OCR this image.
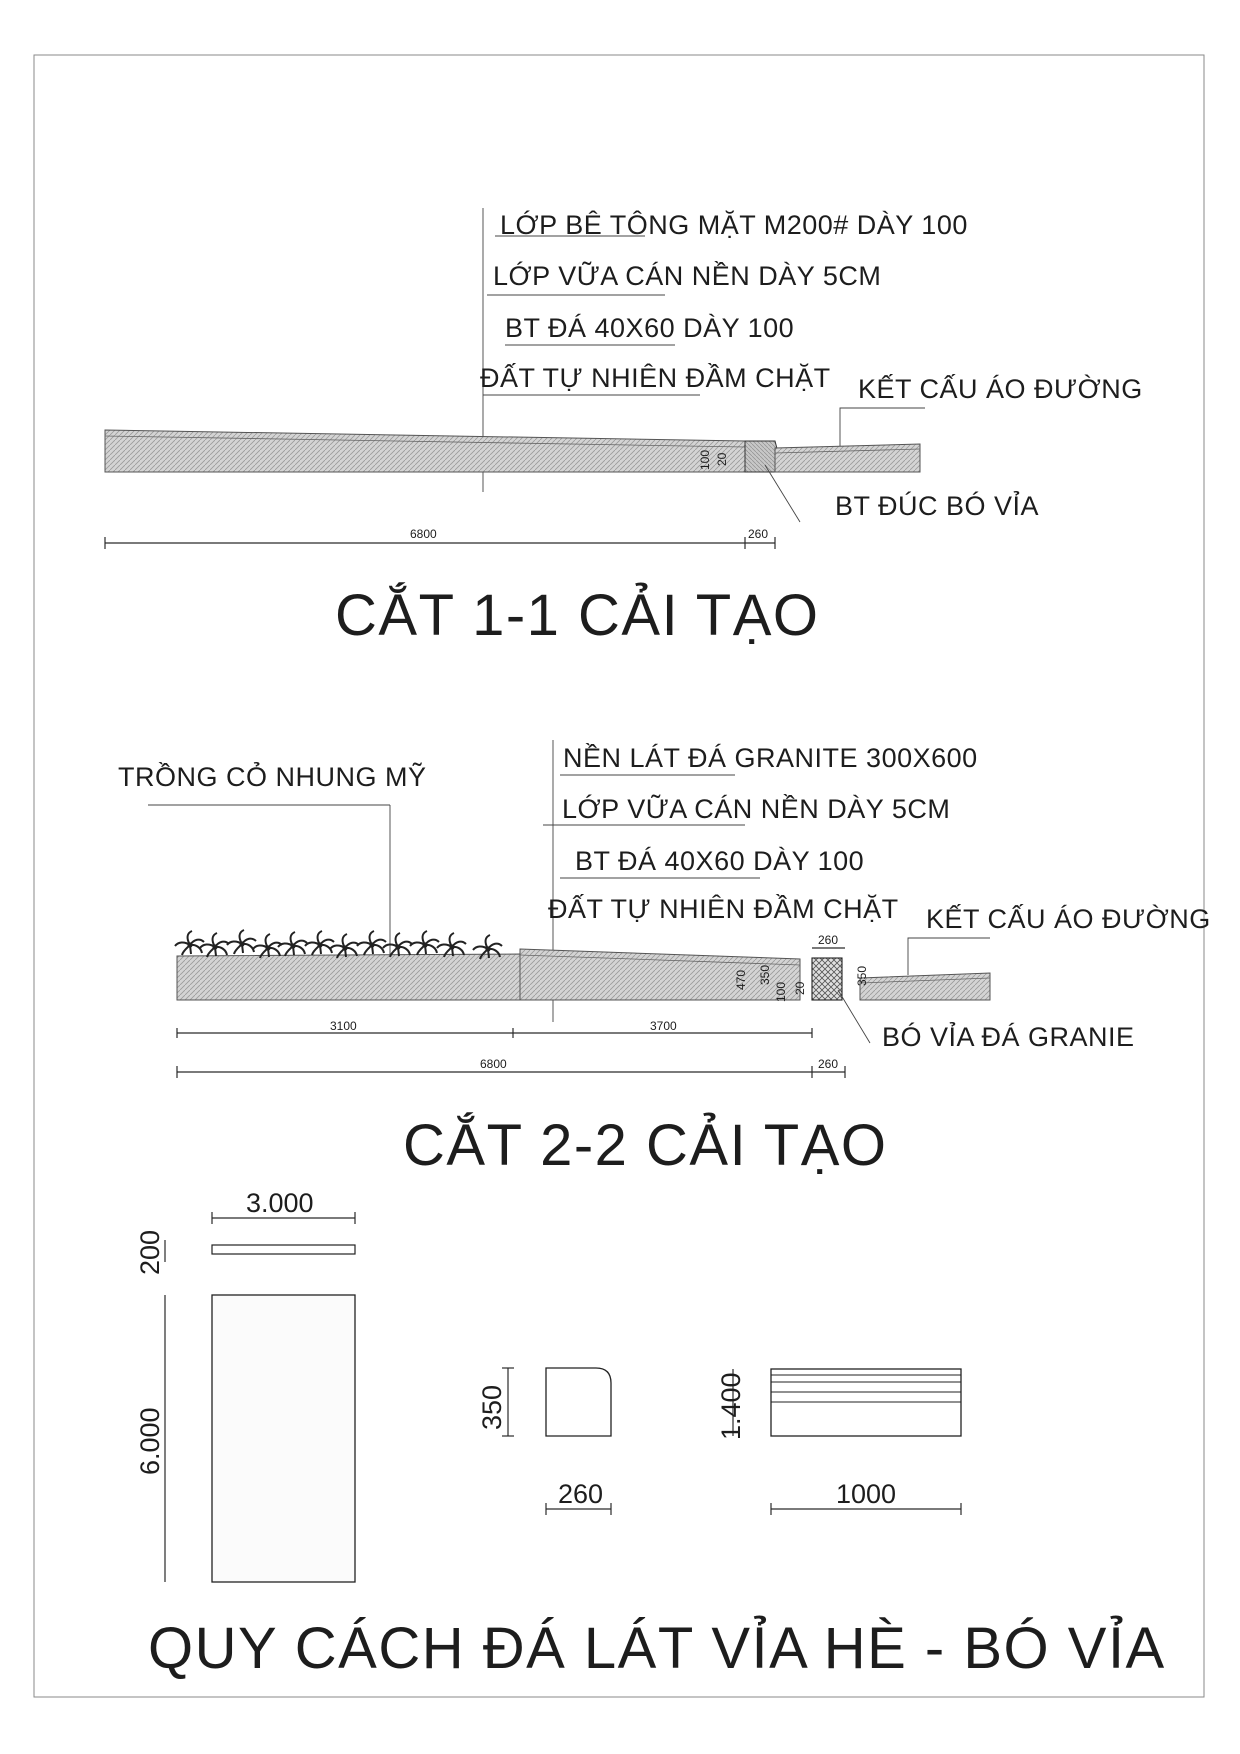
LỚP BÊ TÔNG MẶT M200# DÀY 100
LỚP VỮA CÁN NỀN DÀY 5CM
BT ĐÁ 40X60 DÀY 100
ĐẤT TỰ NHIÊN ĐẦM CHẶT KẾT CẤU ÁO ĐƯỜNG
BT ĐÚC BÓ VỈA
100 20
6800	260
CẮT 1-1 CẢI TẠO
TRỒNG CỎ NHUNG MỸ
NỀN LÁT ĐÁ GRANITE 300X600
LỚP VỮA CÁN NỀN DÀY 5CM
BT ĐÁ 40X60 DÀY 100
ĐẤT TỰ NHIÊN ĐẦM CHẶT KẾT CẤU ÁO ĐƯỜNG
BÓ VỈA ĐÁ GRANIE
260
470 350
100 20
350
3100	3700
6800	260
CẮT 2-2 CẢI TẠO
3.000
200
6.000	350
260
1.400
1000
QUY CÁCH ĐÁ LÁT VỈA HÈ - BÓ VỈA
